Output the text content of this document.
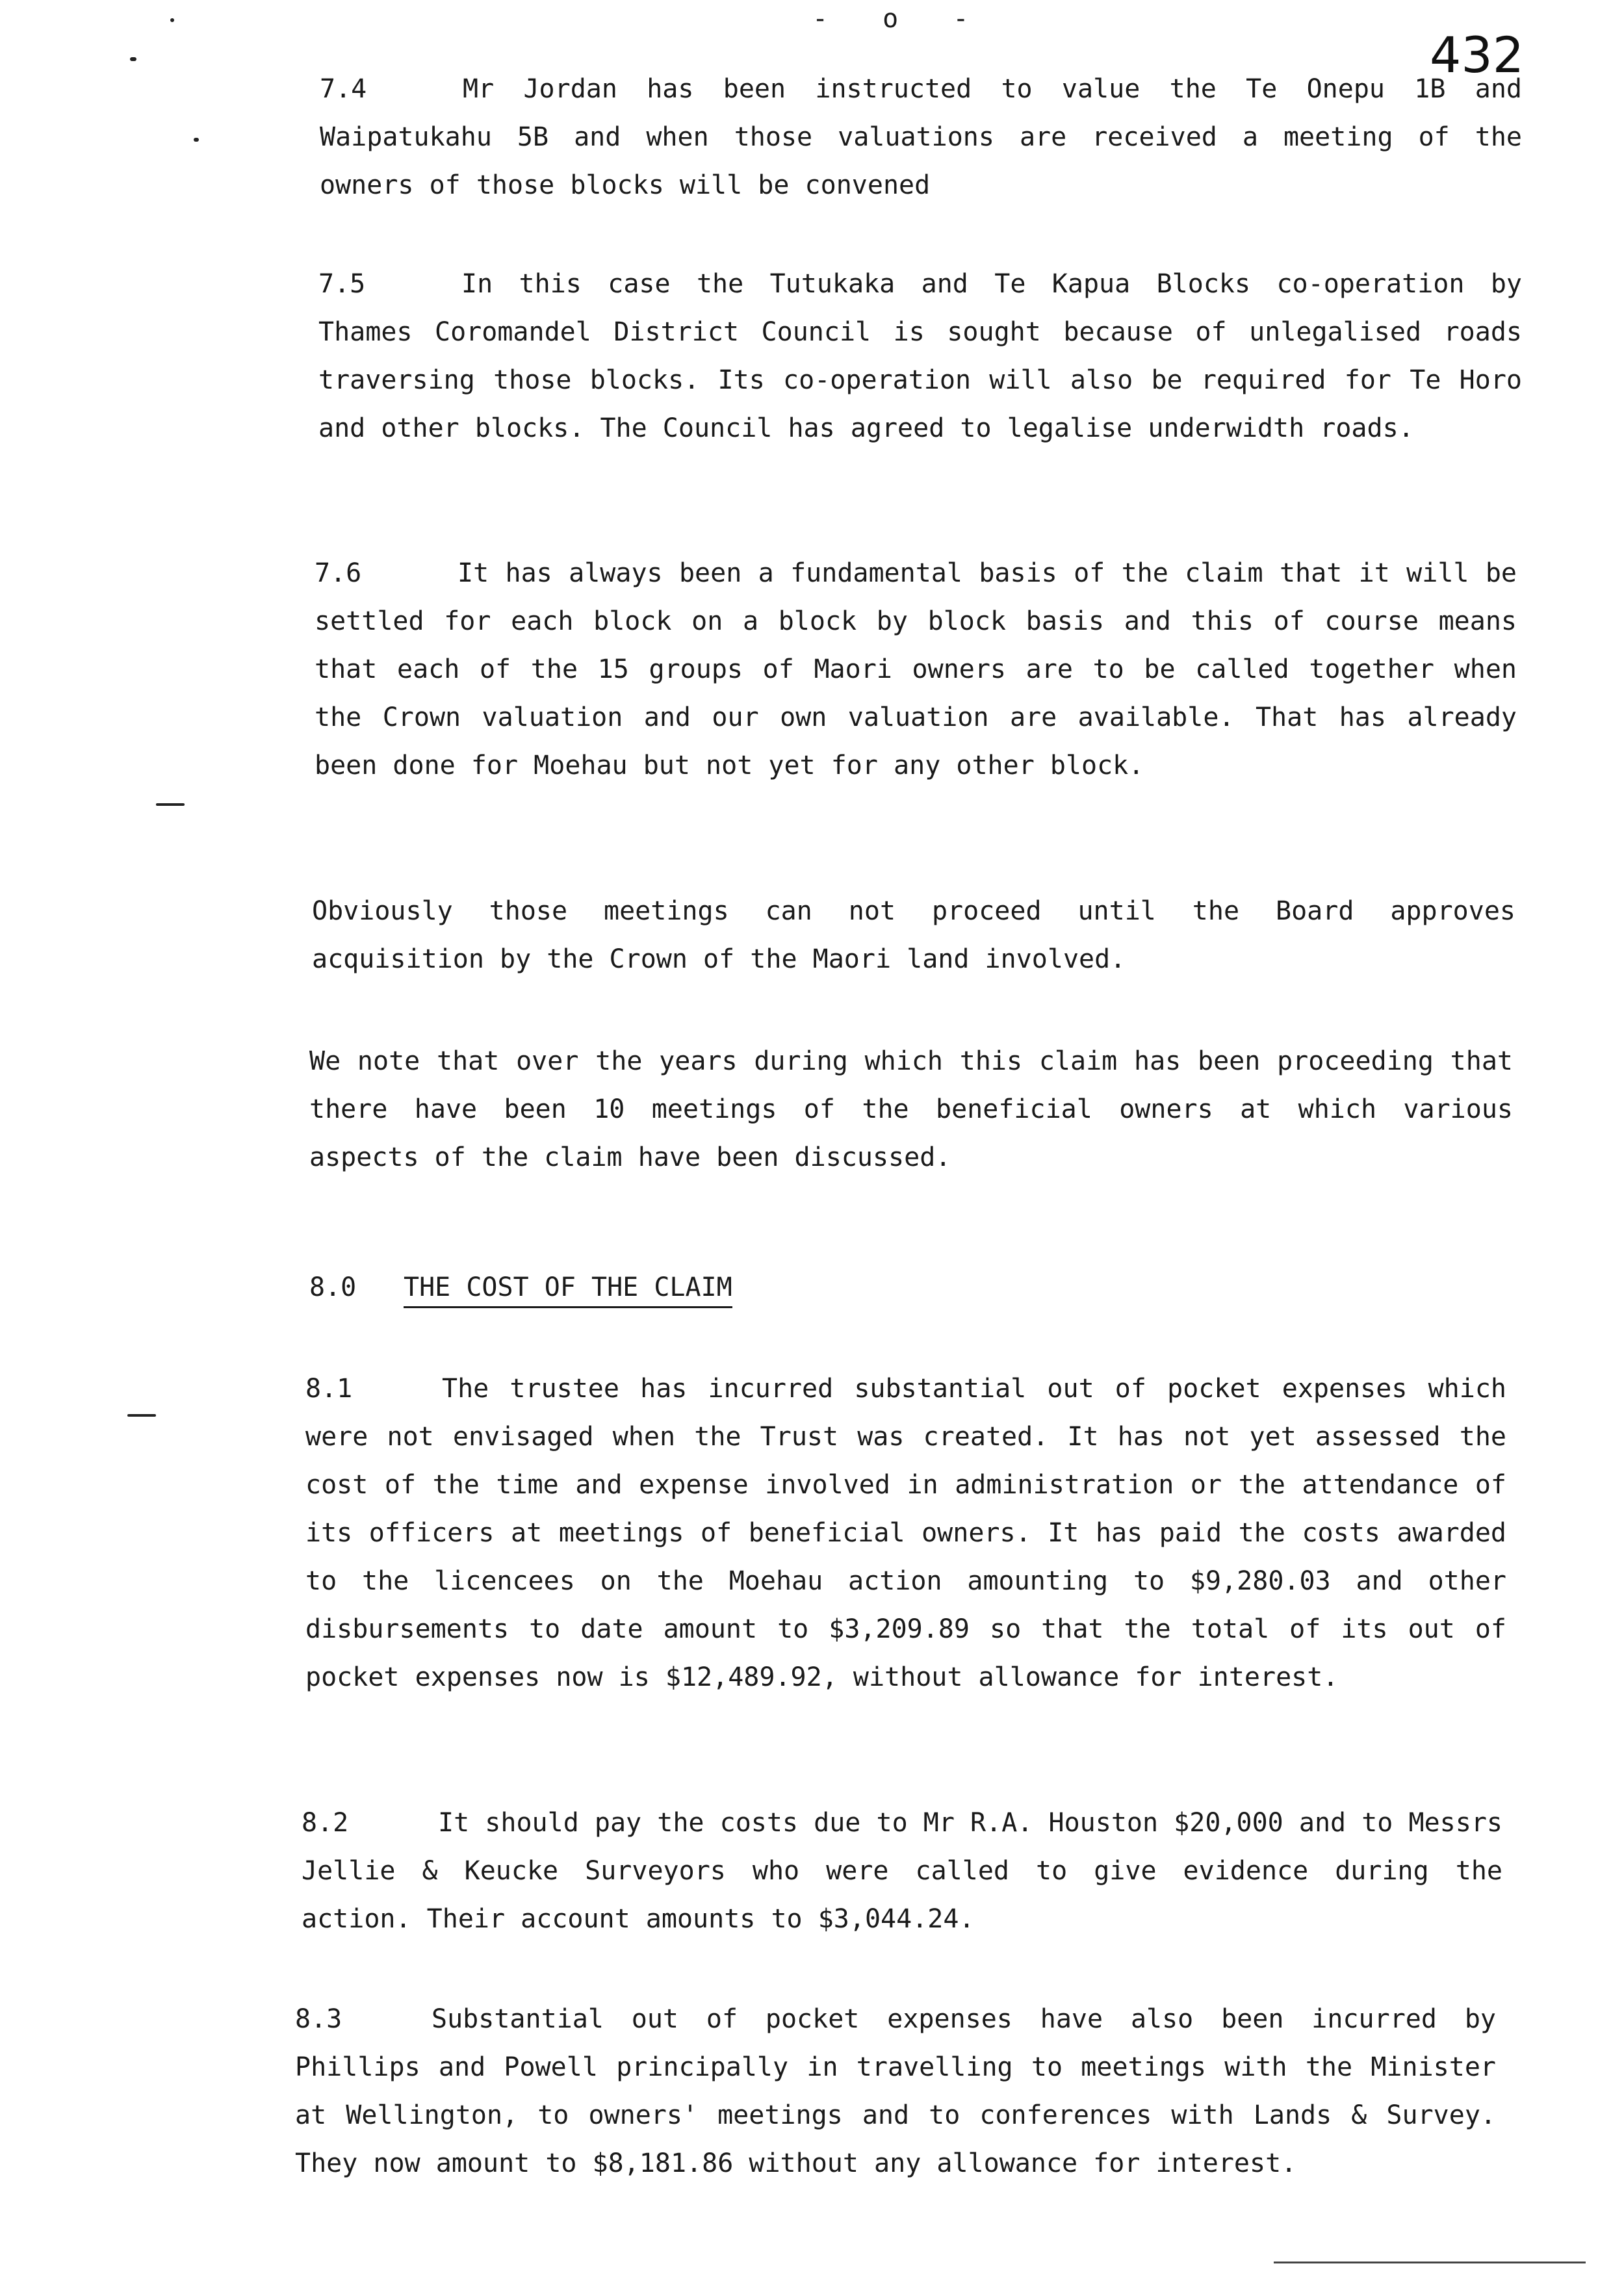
- o -
432
7.4	Mr Jordan has been instructed to value the Te Onepu 1B and Waipatukahu 5B and when those valuations are received a meeting of the owners of those blocks will be convened
7.5	In this case the Tutukaka and Te Kapua Blocks co-operation by Thames Coromandel District Council is sought because of unlegalised roads traversing those blocks. Its co-operation will also be required for Te Horo and other blocks. The Council has agreed to legalise underwidth roads.
7.6	It has always been a fundamental basis of the claim that it will be settled for each block on a block by block basis and this of course means that each of the 15 groups of Maori owners are to be called together when the Crown valuation and our own valuation are available. That has already been done for Moehau but not yet for any other block.
Obviously those meetings can not proceed until the Board approves acquisition by the Crown of the Maori land involved.
We note that over the years during which this claim has been proceeding that there have been 10 meetings of the beneficial owners at which various aspects of the claim have been discussed.
8.0 THE COST OF THE CLAIM
8.1	The trustee has incurred substantial out of pocket expenses which were not envisaged when the Trust was created. It has not yet assessed the cost of the time and expense involved in administration or the attendance of its officers at meetings of beneficial owners. It has paid the costs awarded to the licencees on the Moehau action amounting to $9,280.03 and other disbursements to date amount to $3,209.89 so that the total of its out of pocket expenses now is $12,489.92, without allowance for interest.
8.2	It should pay the costs due to Mr R.A. Houston $20,000 and to Messrs Jellie & Keucke Surveyors who were called to give evidence during the action. Their account amounts to $3,044.24.
8.3	Substantial out of pocket expenses have also been incurred by Phillips and Powell principally in travelling to meetings with the Minister at Wellington, to owners' meetings and to conferences with Lands & Survey. They now amount to $8,181.86 without any allowance for interest.
